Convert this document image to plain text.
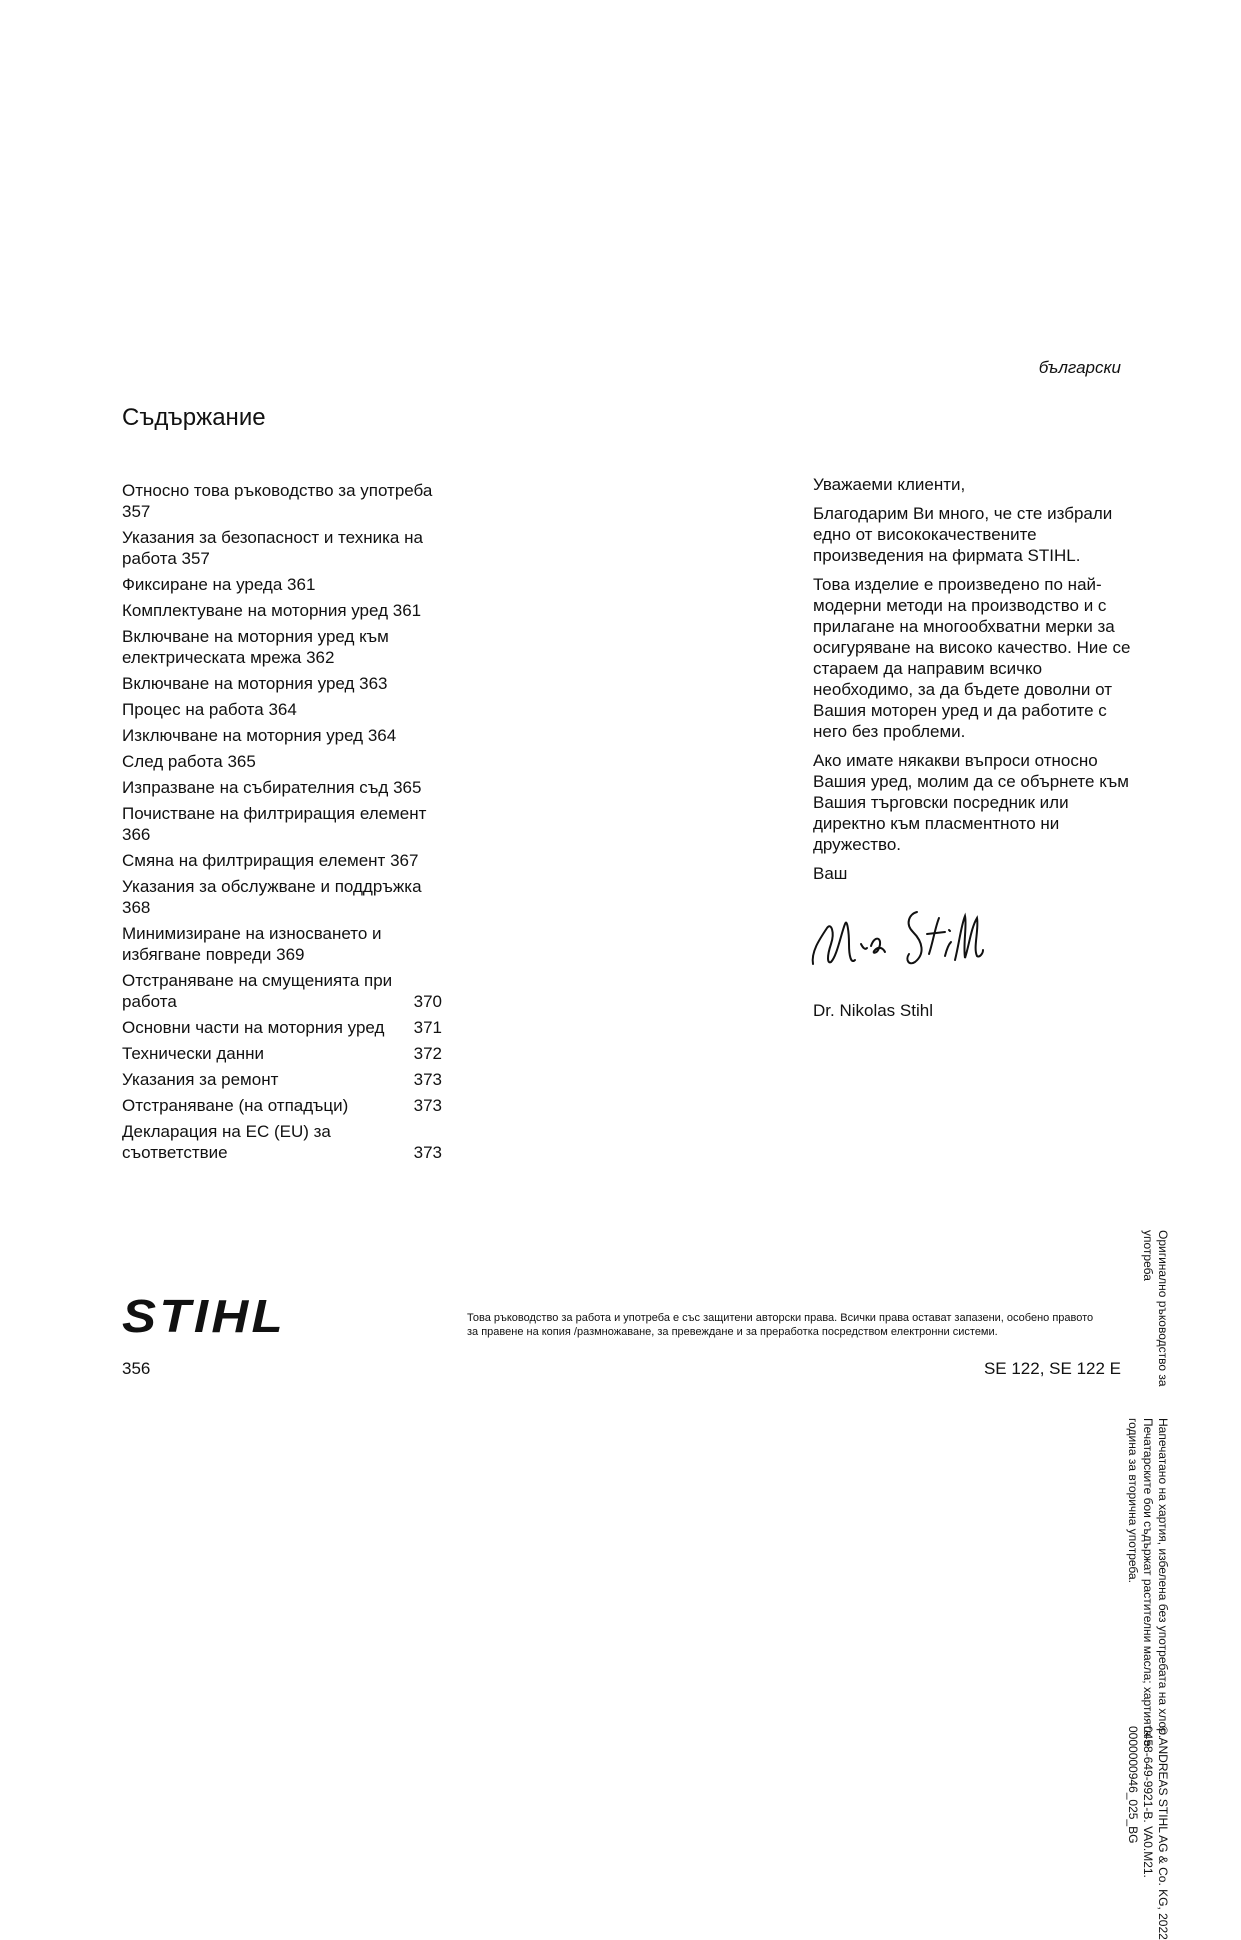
български
Съдържание
Относно това ръководство за употреба 357
Указания за безопасност и техника на работа 357
Фиксиране на уреда 361
Комплектуване на моторния уред 361
Включване на моторния уред към електрическата мрежа 362
Включване на моторния уред 363
Процес на работа 364
Изключване на моторния уред 364
След работа 365
Изпразване на събирателния съд 365
Почистване на филтриращия елемент 366
Смяна на филтриращия елемент 367
Указания за обслужване и поддръжка 368
Минимизиране на износването и избягване повреди 369
Отстраняване на смущенията при работа	370
Основни части на моторния уред	371
Технически данни	372
Указания за ремонт	373
Отстраняване (на отпадъци)	373
Декларация на ЕС (EU) за съответствие	373

Уважаеми клиенти,

Благодарим Ви много, че сте избрали едно от висококачествените произведения на фирмата STIHL.

Това изделие е произведено по най-модерни методи на производство и с прилагане на многообхватни мерки за осигуряване на високо качество. Ние се стараем да направим всичко необходимо, за да бъдете доволни от Вашия моторен уред и да работите с него без проблеми.

Ако имате някакви въпроси относно Вашия уред, молим да се обърнете към Вашия търговски посредник или директно към пласментното ни дружество.

Ваш

Dr. Nikolas Stihl
Оригинално ръководство за
Напечатано на хартия, избелена без употребата на хлор.
© ANDREAS STIHL AG & Co. KG, 2022
употреба
Печатарските бои съдържат растителни масла; хартията е
0458-649-9921-B. VA0.M21.
година за вторична употреба.
0000000946_025_BG
STIHL	Това ръководство за работа и употреба е със защитени авторски права. Всички права остават запазени, особено правото за правене на копия /размножаване, за превеждане и за преработка посредством електронни системи.
356	SE 122, SE 122 E
